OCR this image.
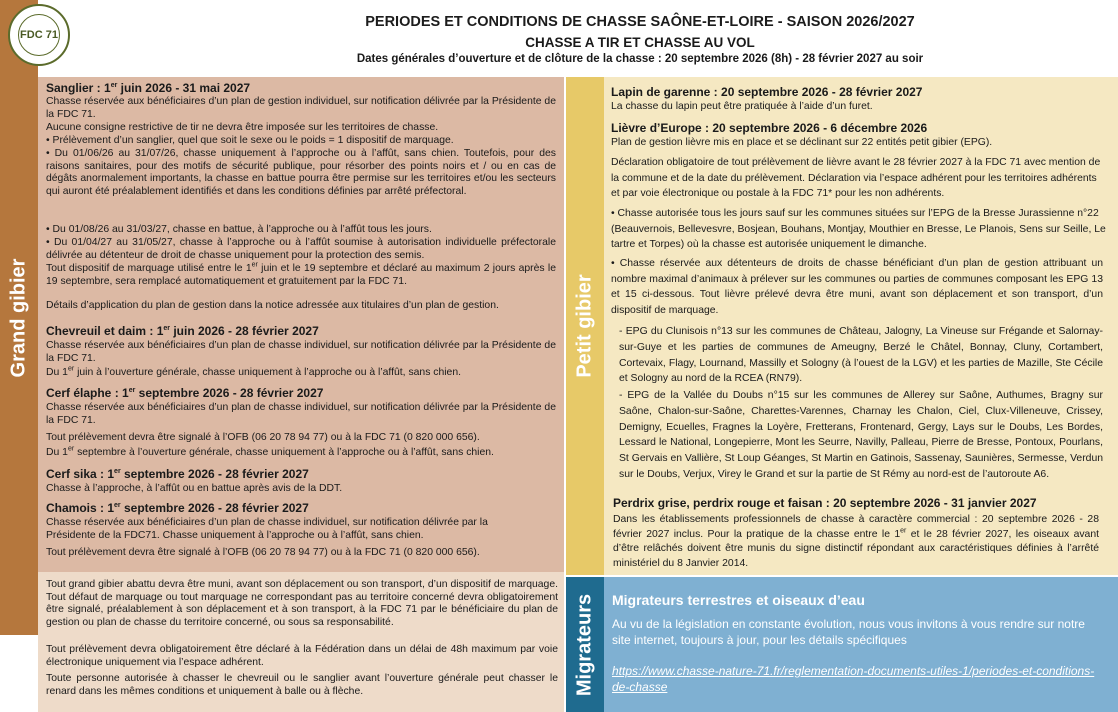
FDC 71
PERIODES ET CONDITIONS DE CHASSE SAÔNE-ET-LOIRE - SAISON 2026/2027
CHASSE A TIR ET CHASSE AU VOL
Dates générales d’ouverture et de clôture de la chasse : 20 septembre 2026 (8h) - 28 février 2027 au soir
Grand gibier
Sanglier : 1er juin 2026 - 31 mai 2027
Chasse réservée aux bénéficiaires d’un plan de gestion individuel, sur notification délivrée par la Présidente de la FDC 71.
Aucune consigne restrictive de tir ne devra être imposée sur les territoires de chasse.
• Prélèvement d’un sanglier, quel que soit le sexe ou le poids = 1 dispositif de marquage.
• Du 01/06/26 au 31/07/26, chasse uniquement à l’approche ou à l’affût, sans chien. Toutefois, pour des raisons sanitaires, pour des motifs de sécurité publique, pour résorber des points noirs et / ou en cas de dégâts anormalement importants, la chasse en battue pourra être permise sur les territoires et/ou les secteurs qui auront été préalablement identifiés et dans les conditions définies par arrêté préfectoral.
• Du 01/08/26 au 31/03/27, chasse en battue, à l’approche ou à l’affût tous les jours.
• Du 01/04/27 au 31/05/27, chasse à l’approche ou à l’affût soumise à autorisation individuelle préfectorale délivrée au détenteur de droit de chasse uniquement pour la protection des semis.
Tout dispositif de marquage utilisé entre le 1er juin et le 19 septembre et déclaré au maximum 2 jours après le 19 septembre, sera remplacé automatiquement et gratuitement par la FDC 71.
Détails d’application du plan de gestion dans la notice adressée aux titulaires d’un plan de gestion.
Chevreuil et daim : 1er juin 2026 - 28 février 2027
Chasse réservée aux bénéficiaires d’un plan de chasse individuel, sur notification délivrée par la Présidente de la FDC 71.
Du 1er juin à l’ouverture générale, chasse uniquement à l’approche ou à l’affût, sans chien.
Cerf élaphe : 1er septembre 2026 - 28 février 2027
Chasse réservée aux bénéficiaires d’un plan de chasse individuel, sur notification délivrée par la Présidente de la FDC 71.
Tout prélèvement devra être signalé à l’OFB (06 20 78 94 77) ou à la FDC 71 (0 820 000 656).
Du 1er septembre à l’ouverture générale, chasse uniquement à l’approche ou à l’affût, sans chien.
Cerf sika : 1er septembre 2026 - 28 février 2027
Chasse à l’approche, à l’affût ou en battue après avis de la DDT.
Chamois : 1er septembre 2026 - 28 février 2027
Chasse réservée aux bénéficiaires d’un plan de chasse individuel, sur notification délivrée par la Présidente de la FDC71. Chasse uniquement à l’approche ou à l’affût, sans chien.
Tout prélèvement devra être signalé à l’OFB (06 20 78 94 77) ou à la FDC 71 (0 820 000 656).
Tout grand gibier abattu devra être muni, avant son déplacement ou son transport, d’un dispositif de marquage. Tout défaut de marquage ou tout marquage ne correspondant pas au territoire concerné devra obligatoirement être signalé, préalablement à son déplacement et à son transport, à la FDC 71 par le bénéficiaire du plan de gestion ou plan de chasse du territoire concerné, ou sous sa responsabilité.
Tout prélèvement devra obligatoirement être déclaré à la Fédération dans un délai de 48h maximum par voie électronique uniquement via l’espace adhérent.
Toute personne autorisée à chasser le chevreuil ou le sanglier avant l’ouverture générale peut chasser le renard dans les mêmes conditions et uniquement à balle ou à flèche.
Petit gibier
Lapin de garenne : 20 septembre 2026 - 28 février 2027
La chasse du lapin peut être pratiquée à l’aide d’un furet.
Lièvre d’Europe : 20 septembre 2026 - 6 décembre 2026
Plan de gestion lièvre mis en place et se déclinant sur 22 entités petit gibier (EPG).
Déclaration obligatoire de tout prélèvement de lièvre avant le 28 février 2027 à la FDC 71 avec mention de la commune et de la date du prélèvement. Déclaration via l’espace adhérent pour les territoires adhérents et par voie électronique ou postale à la FDC 71* pour les non adhérents.
• Chasse autorisée tous les jours sauf sur les communes situées sur l’EPG de la Bresse Jurassienne n°22 (Beauvernois, Bellevesvre, Bosjean, Bouhans, Montjay, Mouthier en Bresse, Le Planois, Sens sur Seille, Le tartre et Torpes) où la chasse est autorisée uniquement le dimanche.
• Chasse réservée aux détenteurs de droits de chasse bénéficiant d’un plan de gestion attribuant un nombre maximal d’animaux à prélever sur les communes ou parties de communes composant les EPG 13 et 15 ci-dessous. Tout lièvre prélevé devra être muni, avant son déplacement et son transport, d’un dispositif de marquage.
- EPG du Clunisois n°13 sur les communes de Château, Jalogny, La Vineuse sur Frégande et Salornay-sur-Guye et les parties de communes de Ameugny, Berzé le Châtel, Bonnay, Cluny, Cortambert, Cortevaix, Flagy, Lournand, Massilly et Sologny (à l’ouest de la LGV) et les parties de Mazille, Ste Cécile et Sologny au nord de la RCEA (RN79).
- EPG de la Vallée du Doubs n°15 sur les communes de Allerey sur Saône, Authumes, Bragny sur Saône, Chalon-sur-Saône, Charettes-Varennes, Charnay les Chalon, Ciel, Clux-Villeneuve, Crissey, Demigny, Ecuelles, Fragnes la Loyère, Fretterans, Frontenard, Gergy, Lays sur le Doubs, Les Bordes, Lessard le National, Longepierre, Mont les Seurre, Navilly, Palleau, Pierre de Bresse, Pontoux, Pourlans, St Gervais en Vallière, St Loup Géanges, St Martin en Gatinois, Sassenay, Saunières, Sermesse, Verdun sur le Doubs, Verjux, Virey le Grand et sur la partie de St Rémy au nord-est de l’autoroute A6.
Perdrix grise, perdrix rouge et faisan : 20 septembre 2026 - 31 janvier 2027
Dans les établissements professionnels de chasse à caractère commercial : 20 septembre 2026 - 28 février 2027 inclus. Pour la pratique de la chasse entre le 1er et le 28 février 2027, les oiseaux avant d’être relâchés doivent être munis du signe distinctif répondant aux caractéristiques définies à l’arrêté ministériel du 8 Janvier 2014.
Migrateurs Migrateurs terrestres et oiseaux d’eau
Au vu de la législation en constante évolution, nous vous invitons à vous rendre sur notre site internet, toujours à jour, pour les détails spécifiques
https://www.chasse-nature-71.fr/reglementation-documents-utiles-1/periodes-et-conditions-de-chasse
